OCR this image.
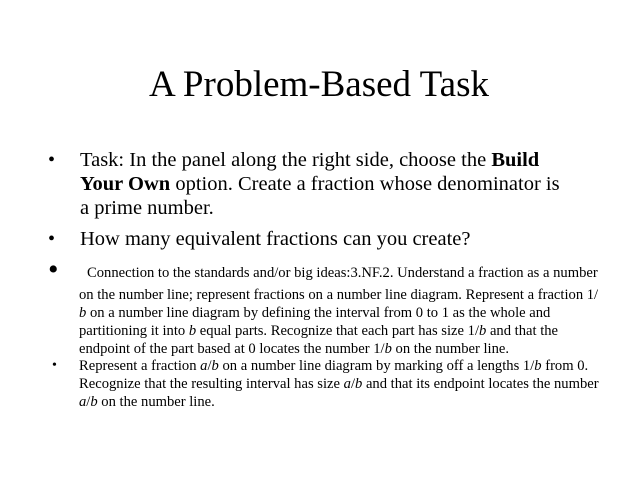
A Problem-Based Task
• Task: In the panel along the right side, choose the Build
Your Own option. Create a fraction whose denominator is
a prime number.
• How many equivalent fractions can you create?
•	Connection to the standards and/or big ideas:3.NF.2. Understand a fraction as a number
on the number line; represent fractions on a number line diagram. Represent a fraction 1/
b on a number line diagram by defining the interval from 0 to 1 as the whole and
partitioning it into b equal parts. Recognize that each part has size 1/b and that the
endpoint of the part based at 0 locates the number 1/b on the number line.
• Represent a fraction a/b on a number line diagram by marking off a lengths 1/b from 0.
Recognize that the resulting interval has size a/b and that its endpoint locates the number
a/b on the number line.
